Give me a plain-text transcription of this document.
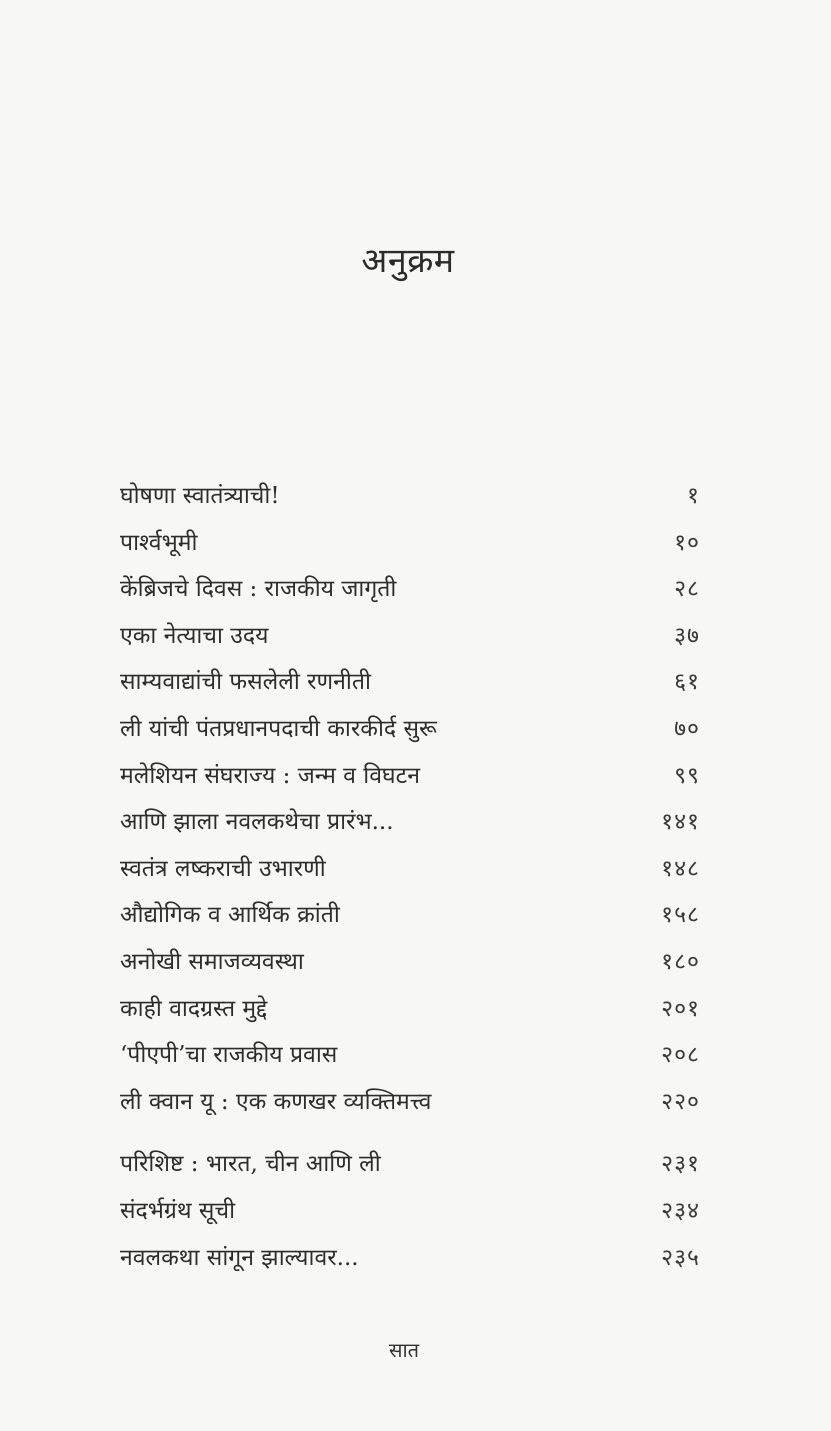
अनुक्रम
घोषणा स्वातंत्र्याची!	१
पार्श्वभूमी	१०
केंब्रिजचे दिवस : राजकीय जागृती	२८
एका नेत्याचा उदय	३७
साम्यवाद्यांची फसलेली रणनीती	६१
ली यांची पंतप्रधानपदाची कारकीर्द सुरू	७०
मलेशियन संघराज्य : जन्म व विघटन	९९
आणि झाला नवलकथेचा प्रारंभ...	१४१
स्वतंत्र लष्कराची उभारणी	१४८
औद्योगिक व आर्थिक क्रांती	१५८
अनोखी समाजव्यवस्था	१८०
काही वादग्रस्त मुद्दे	२०१
‘पीएपी’चा राजकीय प्रवास	२०८
ली क्वान यू : एक कणखर व्यक्तिमत्त्व	२२०
परिशिष्ट : भारत, चीन आणि ली	२३१
संदर्भग्रंथ सूची	२३४
नवलकथा सांगून झाल्यावर...	२३५
सात
